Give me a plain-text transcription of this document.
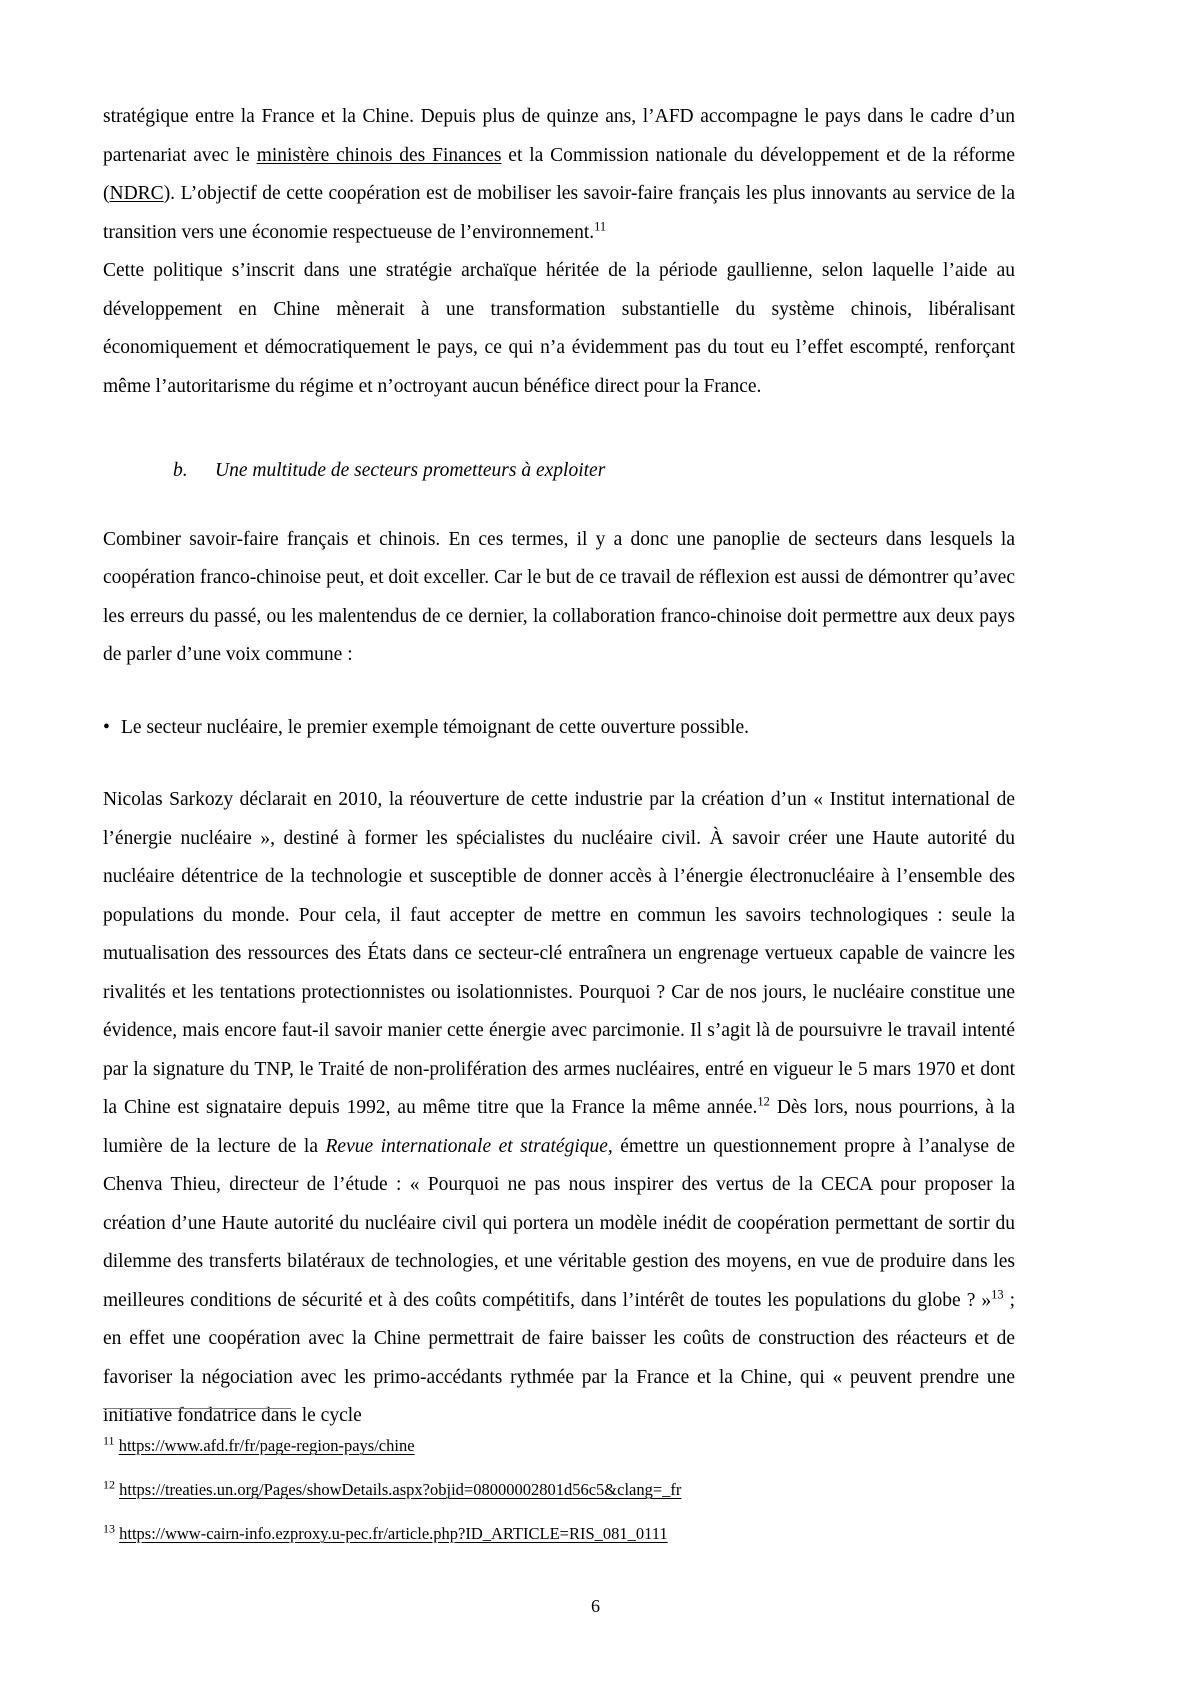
stratégique entre la France et la Chine. Depuis plus de quinze ans, l’AFD accompagne le pays dans le cadre d’un partenariat avec le ministère chinois des Finances et la Commission nationale du développement et de la réforme (NDRC). L’objectif de cette coopération est de mobiliser les savoir-faire français les plus innovants au service de la transition vers une économie respectueuse de l’environnement.$^{11}$

Cette politique s’inscrit dans une stratégie archaïque héritée de la période gaullienne, selon laquelle l’aide au développement en Chine mènerait à une transformation substantielle du système chinois, libéralisant économiquement et démocratiquement le pays, ce qui n’a évidemment pas du tout eu l’effet escompté, renforçant même l’autoritarisme du régime et n’octroyant aucun bénéfice direct pour la France.

b. Une multitude de secteurs prometteurs à exploiter

Combiner savoir-faire français et chinois. En ces termes, il y a donc une panoplie de secteurs dans lesquels la coopération franco-chinoise peut, et doit exceller. Car le but de ce travail de réflexion est aussi de démontrer qu’avec les erreurs du passé, ou les malentendus de ce dernier, la collaboration franco-chinoise doit permettre aux deux pays de parler d’une voix commune :

• Le secteur nucléaire, le premier exemple témoignant de cette ouverture possible.

Nicolas Sarkozy déclarait en 2010, la réouverture de cette industrie par la création d’un « Institut international de l’énergie nucléaire », destiné à former les spécialistes du nucléaire civil. À savoir créer une Haute autorité du nucléaire détentrice de la technologie et susceptible de donner accès à l’énergie électronucléaire à l’ensemble des populations du monde. Pour cela, il faut accepter de mettre en commun les savoirs technologiques : seule la mutualisation des ressources des États dans ce secteur-clé entraînera un engrenage vertueux capable de vaincre les rivalités et les tentations protectionnistes ou isolationnistes. Pourquoi ? Car de nos jours, le nucléaire constitue une évidence, mais encore faut-il savoir manier cette énergie avec parcimonie. Il s’agit là de poursuivre le travail intenté par la signature du TNP, le Traité de non-prolifération des armes nucléaires, entré en vigueur le 5 mars 1970 et dont la Chine est signataire depuis 1992, au même titre que la France la même année.$^{12}$ Dès lors, nous pourrions, à la lumière de la lecture de la Revue internationale et stratégique, émettre un questionnement propre à l’analyse de Chenva Thieu, directeur de l’étude : « Pourquoi ne pas nous inspirer des vertus de la CECA pour proposer la création d’une Haute autorité du nucléaire civil qui portera un modèle inédit de coopération permettant de sortir du dilemme des transferts bilatéraux de technologies, et une véritable gestion des moyens, en vue de produire dans les meilleures conditions de sécurité et à des coûts compétitifs, dans l’intérêt de toutes les populations du globe ? »$^{13}$ ; en effet une coopération avec la Chine permettrait de faire baisser les coûts de construction des réacteurs et de favoriser la négociation avec les primo-accédants rythmée par la France et la Chine, qui « peuvent prendre une initiative fondatrice dans le cycle

$^{11}$ https://www.afd.fr/fr/page-region-pays/chine

$^{12}$ https://treaties.un.org/Pages/showDetails.aspx?objid=08000002801d56c5&clang=_fr

$^{13}$ https://www-cairn-info.ezproxy.u-pec.fr/article.php?ID_ARTICLE=RIS_081_0111

6
